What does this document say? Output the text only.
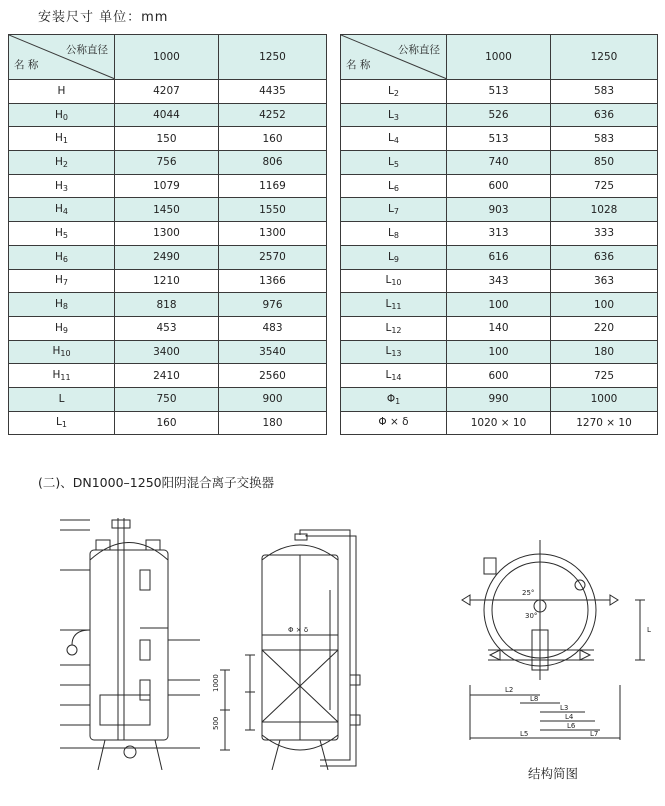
安装尺寸 单位：mm
公称直径
名 称	1000	1250
H	4207	4435
$H_0$	4044	4252
$H_1$	150	160
$H_2$	756	806
$H_3$	1079	1169
$H_4$	1450	1550
$H_5$	1300	1300
$H_6$	2490	2570
$H_7$	1210	1366
$H_8$	818	976
$H_9$	453	483
$H_{10}$	3400	3540
$H_{11}$	2410	2560
L	750	900
$L_1$	160	180
公称直径
名 称	1000	1250
$L_2$	513	583
$L_3$	526	636
$L_4$	513	583
$L_5$	740	850
$L_6$	600	725
$L_7$	903	1028
$L_8$	313	333
$L_9$	616	636
$L_{10}$	343	363
$L_{11}$	100	100
$L_{12}$	140	220
$L_{13}$	100	180
$L_{14}$	600	725
$\Phi_1$	990	1000
Φ × δ	1020 × 10	1270 × 10
(二)、DN1000–1250阳阴混合离子交换器
1000
500
Φ × δ
25°
30°
L
L2
L8
L3
L4
L6
L5	L7
结构简图
